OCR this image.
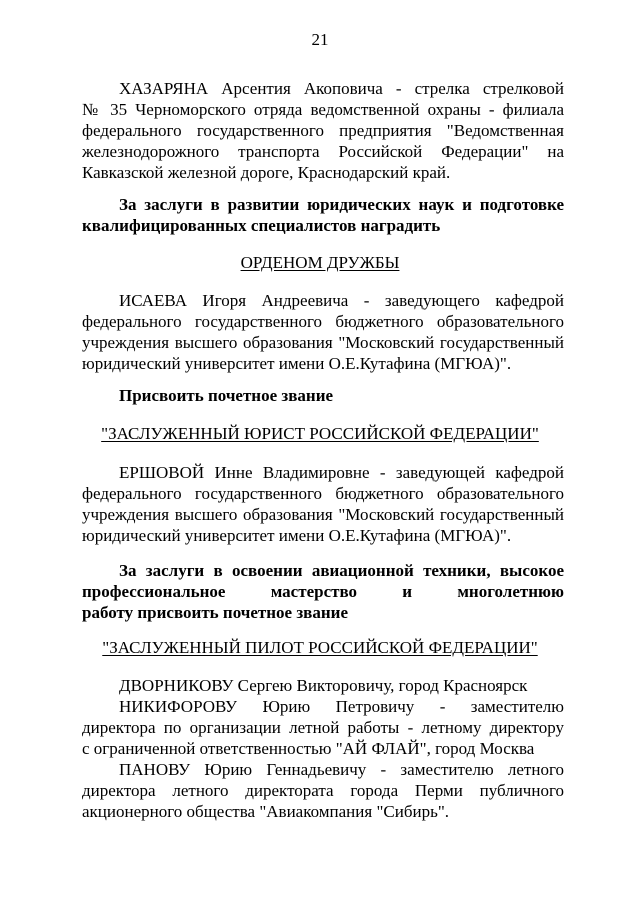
21
ХАЗАРЯНА Арсентия Акоповича - стрелка стрелковой
№ 35 Черноморского отряда ведомственной охраны - филиала
федерального государственного предприятия "Ведомственная
железнодорожного транспорта Российской Федерации" на
Кавказской железной дороге, Краснодарский край.
За заслуги в развитии юридических наук и подготовке
квалифицированных специалистов наградить
ОРДЕНОМ ДРУЖБЫ
ИСАЕВА Игоря Андреевича - заведующего кафедрой
федерального государственного бюджетного образовательного
учреждения высшего образования "Московский государственный
юридический университет имени О.Е.Кутафина (МГЮА)".
Присвоить почетное звание
"ЗАСЛУЖЕННЫЙ ЮРИСТ РОССИЙСКОЙ ФЕДЕРАЦИИ"
ЕРШОВОЙ Инне Владимировне - заведующей кафедрой
федерального государственного бюджетного образовательного
учреждения высшего образования "Московский государственный
юридический университет имени О.Е.Кутафина (МГЮА)".
За заслуги в освоении авиационной техники, высокое
профессиональное мастерство и многолетнюю
работу присвоить почетное звание
"ЗАСЛУЖЕННЫЙ ПИЛОТ РОССИЙСКОЙ ФЕДЕРАЦИИ"
ДВОРНИКОВУ Сергею Викторовичу, город Красноярск
НИКИФОРОВУ Юрию Петровичу - заместителю
директора по организации летной работы - летному директору
с ограниченной ответственностью "АЙ ФЛАЙ", город Москва
ПАНОВУ Юрию Геннадьевичу - заместителю летного
директора летного директората города Перми публичного
акционерного общества "Авиакомпания "Сибирь".
